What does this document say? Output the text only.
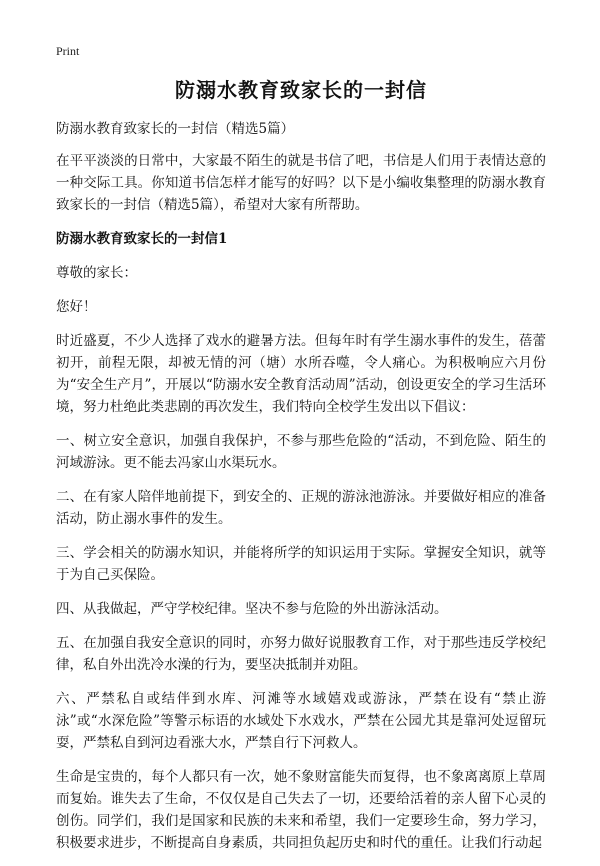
Print
防溺水教育致家长的一封信
防溺水教育致家长的一封信（精选5篇）

在平平淡淡的日常中，大家最不陌生的就是书信了吧，书信是人们用于表情达意的一种交际工具。你知道书信怎样才能写的好吗？以下是小编收集整理的防溺水教育致家长的一封信（精选5篇），希望对大家有所帮助。

防溺水教育致家长的一封信1

尊敬的家长：

您好！

时近盛夏，不少人选择了戏水的避暑方法。但每年时有学生溺水事件的发生，蓓蕾初开，前程无限，却被无情的河（塘）水所吞噬，令人痛心。为积极响应六月份为“安全生产月”，开展以“防溺水安全教育活动周”活动，创设更安全的学习生活环境，努力杜绝此类悲剧的再次发生，我们特向全校学生发出以下倡议：

一、树立安全意识，加强自我保护，不参与那些危险的“活动，不到危险、陌生的河域游泳。更不能去冯家山水渠玩水。

二、在有家人陪伴地前提下，到安全的、正规的游泳池游泳。并要做好相应的准备活动，防止溺水事件的发生。

三、学会相关的防溺水知识，并能将所学的知识运用于实际。掌握安全知识，就等于为自己买保险。

四、从我做起，严守学校纪律。坚决不参与危险的外出游泳活动。

五、在加强自我安全意识的同时，亦努力做好说服教育工作，对于那些违反学校纪律，私自外出洗冷水澡的行为，要坚决抵制并劝阻。

六、严禁私自或结伴到水库、河滩等水域嬉戏或游泳，严禁在设有“禁止游泳”或“水深危险”等警示标语的水域处下水戏水，严禁在公园尤其是靠河处逗留玩耍，严禁私自到河边看涨大水，严禁自行下河救人。

生命是宝贵的，每个人都只有一次，她不象财富能失而复得，也不象离离原上草周而复始。谁失去了生命，不仅仅是自己失去了一切，还要给活着的亲人留下心灵的创伤。同学们，我们是国家和民族的未来和希望，我们一定要珍生命，努力学习，积极要求进步，不断提高自身素质，共同担负起历史和时代的重任。让我们行动起
